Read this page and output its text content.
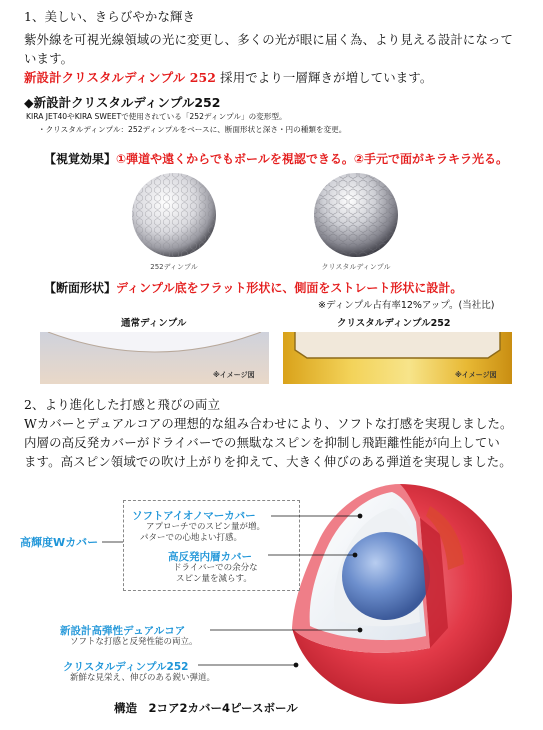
1、美しい、きらびやかな輝き
紫外線を可視光線領域の光に変更し、多くの光が眼に届く為、より見える設計になって
います。
新設計クリスタルディンプル 252 採用でより一層輝きが増しています。
◆新設計クリスタルディンプル252
KIRA JET40やKIRA SWEETで使用されている「252ディンプル」の変形型。
・クリスタルディンプル：252ディンプルをベースに、断面形状と深さ・円の種類を変更。
【視覚効果】①弾道や遠くからでもボールを視認できる。②手元で面がキラキラ光る。
252ディンプル	クリスタルディンプル
【断面形状】ディンプル底をフラット形状に、側面をストレート形状に設計。
※ディンプル占有率12%アップ。(当社比)
通常ディンプル	クリスタルディンプル252
※イメージ図	※イメージ図
2、より進化した打感と飛びの両立
Wカバーとデュアルコアの理想的な組み合わせにより、ソフトな打感を実現しました。
内層の高反発カバーがドライバーでの無駄なスピンを抑制し飛距離性能が向上してい
ます。高スピン領域での吹け上がりを抑えて、大きく伸びのある弾道を実現しました。
高輝度Wカバー
ソフトアイオノマーカバー
アプローチでのスピン量が増。
パターでの心地よい打感。
高反発内層カバー
ドライバーでの余分な
スピン量を減らす。
新設計高弾性デュアルコア
ソフトな打感と反発性能の両立。
クリスタルディンプル252
新鮮な見栄え、伸びのある鋭い弾道。
構造　2コア2カバー4ピースボール
